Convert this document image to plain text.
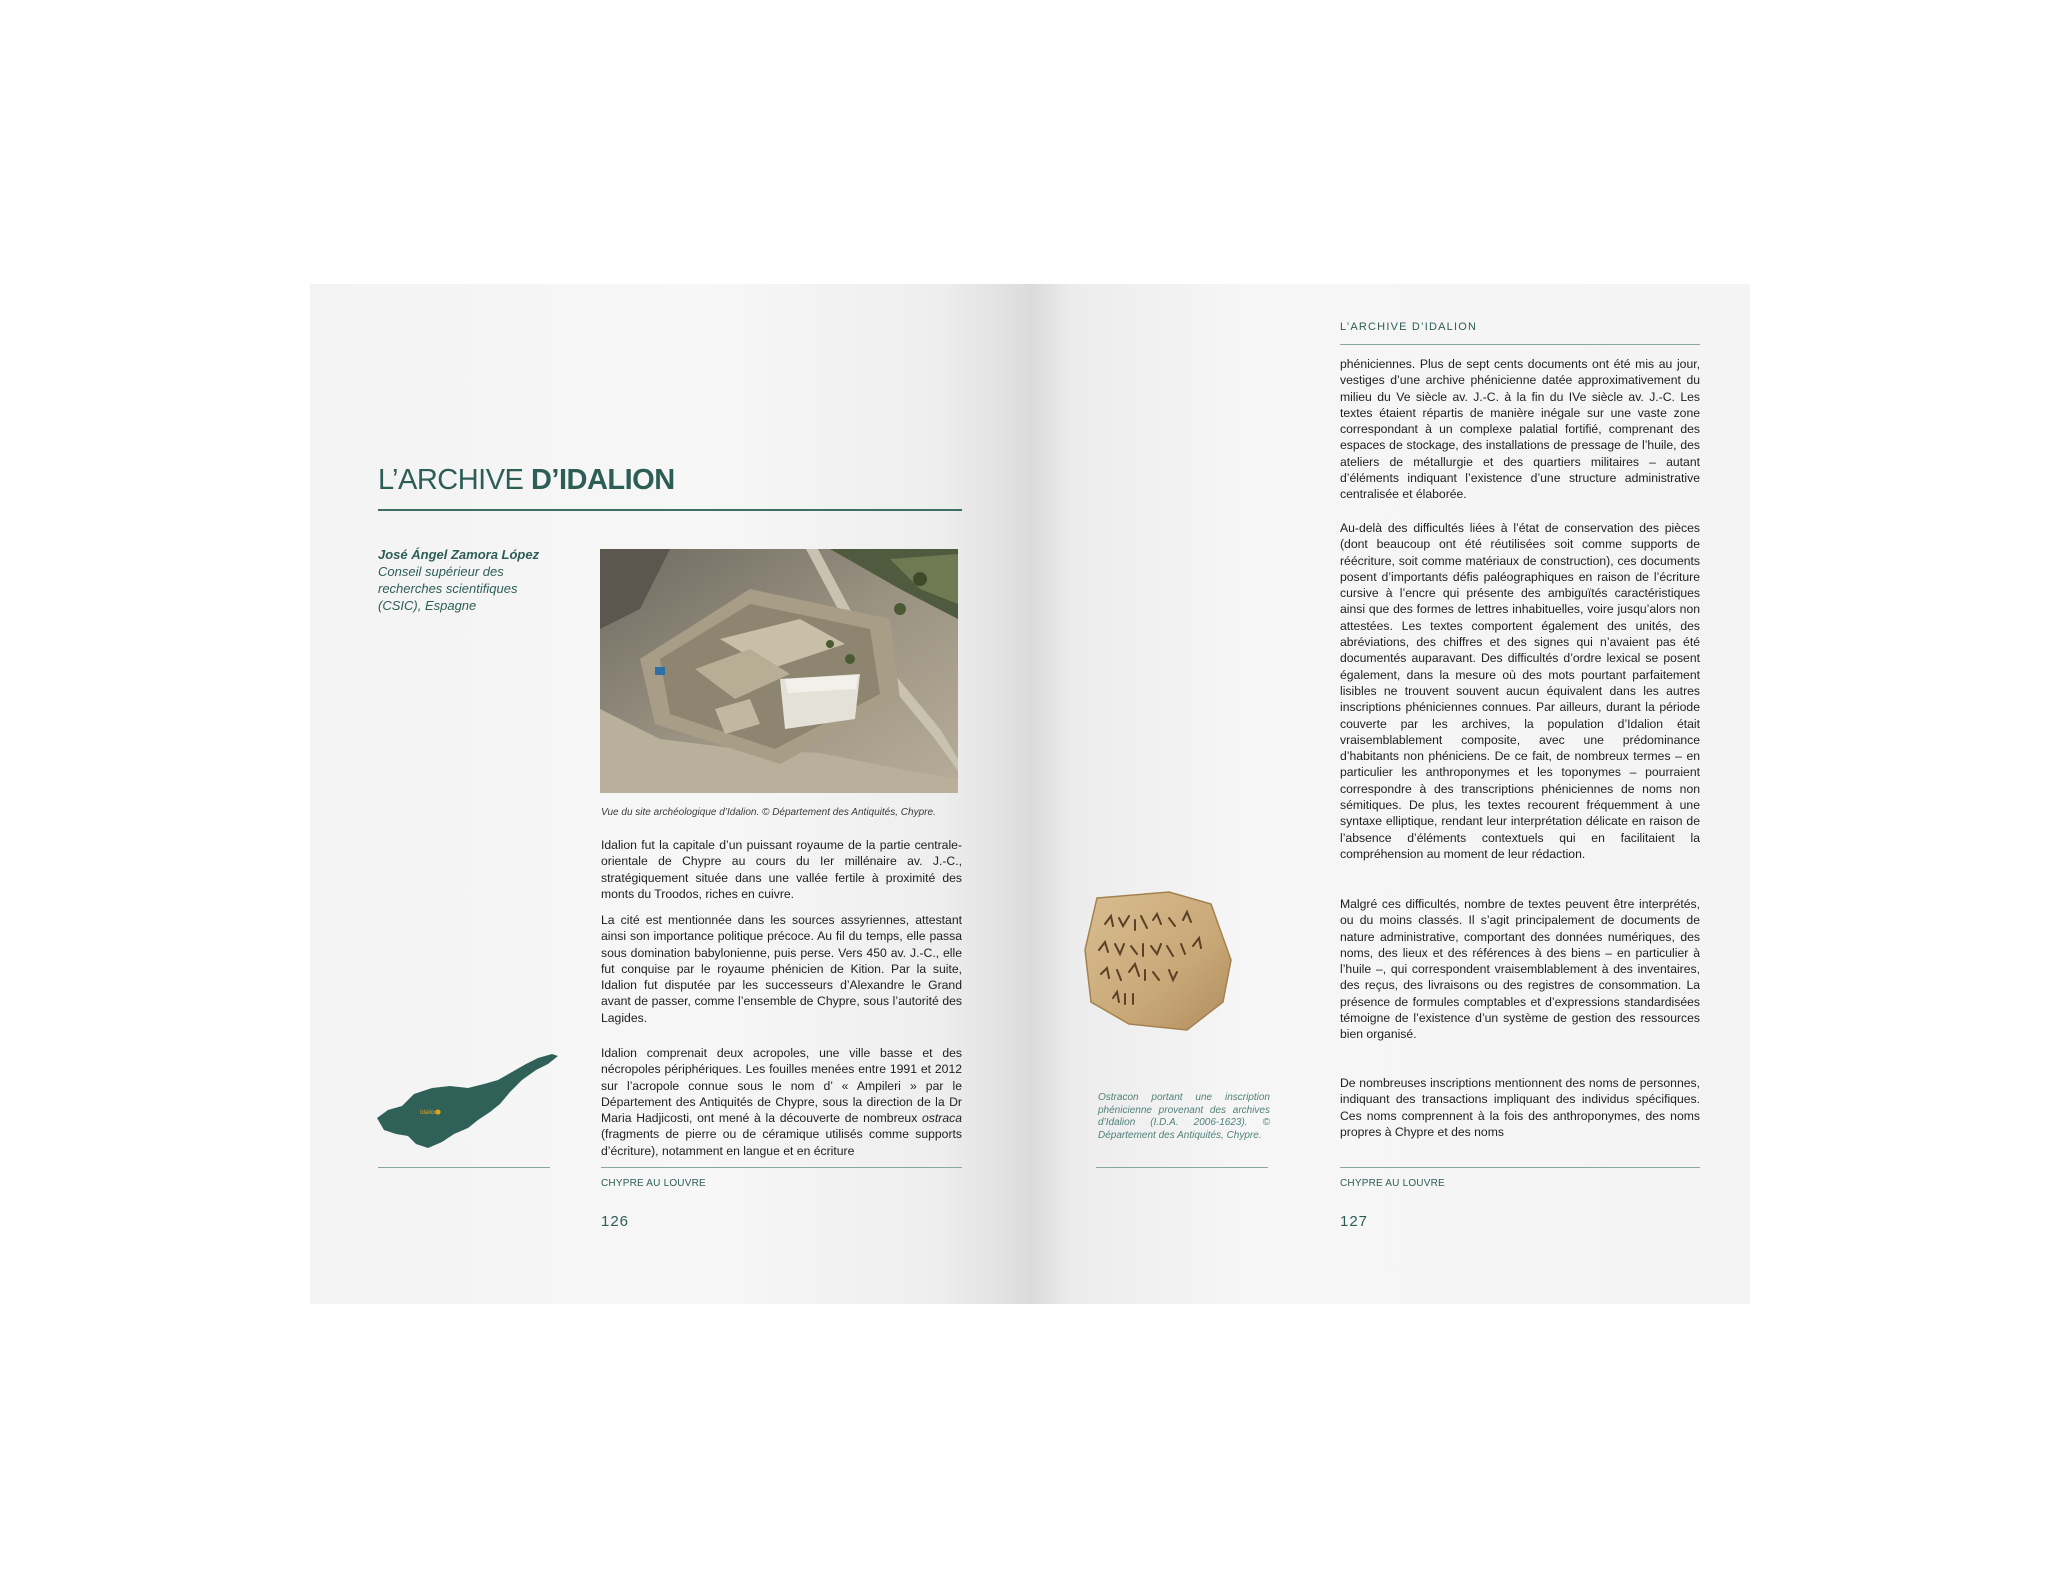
L’ARCHIVE D’IDALION
José Ángel Zamora López
Conseil supérieur des recherches scientifiques (CSIC), Espagne
Vue du site archéologique d’Idalion. © Département des Antiquités, Chypre.

Idalion fut la capitale d’un puissant royaume de la partie centrale-orientale de Chypre au cours du Ier millénaire av. J.-C., stratégiquement située dans une vallée fertile à proximité des monts du Troodos, riches en cuivre.

La cité est mentionnée dans les sources assyriennes, attestant ainsi son importance politique précoce. Au fil du temps, elle passa sous domination babylonienne, puis perse. Vers 450 av. J.-C., elle fut conquise par le royaume phénicien de Kition. Par la suite, Idalion fut disputée par les successeurs d’Alexandre le Grand avant de passer, comme l’ensemble de Chypre, sous l’autorité des Lagides.

Idalion comprenait deux acropoles, une ville basse et des nécropoles périphériques. Les fouilles menées entre 1991 et 2012 sur l’acropole connue sous le nom d’ « Ampileri » par le Département des Antiquités de Chypre, sous la direction de la Dr Maria Hadjicosti, ont mené à la découverte de nombreux ostraca (fragments de pierre ou de céramique utilisés comme supports d’écriture), notamment en langue et en écriture

Idalion
CHYPRE AU LOUVRE
126
L’ARCHIVE D’IDALION

phéniciennes. Plus de sept cents documents ont été mis au jour, vestiges d’une archive phénicienne datée approximativement du milieu du Ve siècle av. J.-C. à la fin du IVe siècle av. J.-C. Les textes étaient répartis de manière inégale sur une vaste zone correspondant à un complexe palatial fortifié, comprenant des espaces de stockage, des installations de pressage de l’huile, des ateliers de métallurgie et des quartiers militaires – autant d’éléments indiquant l’existence d’une structure administrative centralisée et élaborée.

Au-delà des difficultés liées à l’état de conservation des pièces (dont beaucoup ont été réutilisées soit comme supports de réécriture, soit comme matériaux de construction), ces documents posent d’importants défis paléographiques en raison de l’écriture cursive à l’encre qui présente des ambiguïtés caractéristiques ainsi que des formes de lettres inhabituelles, voire jusqu’alors non attestées. Les textes comportent également des unités, des abréviations, des chiffres et des signes qui n’avaient pas été documentés auparavant. Des difficultés d’ordre lexical se posent également, dans la mesure où des mots pourtant parfaitement lisibles ne trouvent souvent aucun équivalent dans les autres inscriptions phéniciennes connues. Par ailleurs, durant la période couverte par les archives, la population d’Idalion était vraisemblablement composite, avec une prédominance d’habitants non phéniciens. De ce fait, de nombreux termes – en particulier les anthroponymes et les toponymes – pourraient correspondre à des transcriptions phéniciennes de noms non sémitiques. De plus, les textes recourent fréquemment à une syntaxe elliptique, rendant leur interprétation délicate en raison de l’absence d’éléments contextuels qui en facilitaient la compréhension au moment de leur rédaction.

Malgré ces difficultés, nombre de textes peuvent être interprétés, ou du moins classés. Il s’agit principalement de documents de nature administrative, comportant des données numériques, des noms, des lieux et des références à des biens – en particulier à l’huile –, qui correspondent vraisemblablement à des inventaires, des reçus, des livraisons ou des registres de consommation. La présence de formules comptables et d’expressions standardisées témoigne de l’existence d’un système de gestion des ressources bien organisé.

De nombreuses inscriptions mentionnent des noms de personnes, indiquant des transactions impliquant des individus spécifiques. Ces noms comprennent à la fois des anthroponymes, des noms propres à Chypre et des noms

Ostracon portant une inscription phénicienne provenant des archives d’Idalion (I.D.A. 2006-1623). © Département des Antiquités, Chypre.
CHYPRE AU LOUVRE
127
